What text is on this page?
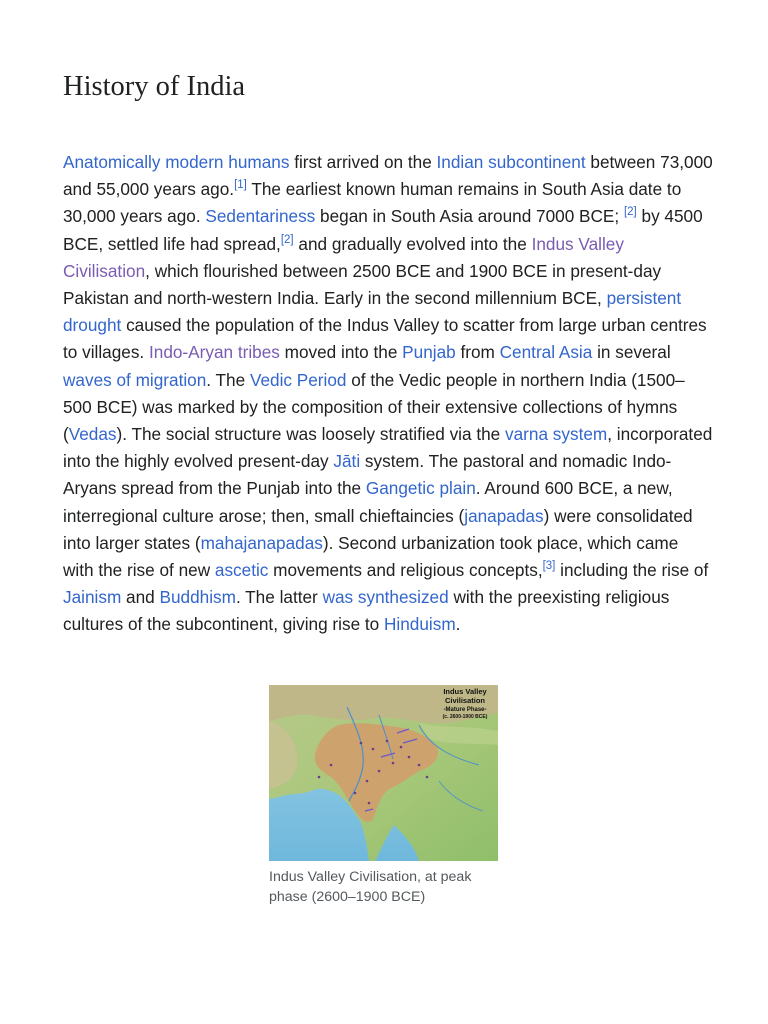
History of India
Anatomically modern humans first arrived on the Indian subcontinent between 73,000 and 55,000 years ago.[1] The earliest known human remains in South Asia date to 30,000 years ago. Sedentariness began in South Asia around 7000 BCE; [2] by 4500 BCE, settled life had spread,[2] and gradually evolved into the Indus Valley Civilisation, which flourished between 2500 BCE and 1900 BCE in present-day Pakistan and north-western India. Early in the second millennium BCE, persistent drought caused the population of the Indus Valley to scatter from large urban centres to villages. Indo-Aryan tribes moved into the Punjab from Central Asia in several waves of migration. The Vedic Period of the Vedic people in northern India (1500–500 BCE) was marked by the composition of their extensive collections of hymns (Vedas). The social structure was loosely stratified via the varna system, incorporated into the highly evolved present-day Jāti system. The pastoral and nomadic Indo-Aryans spread from the Punjab into the Gangetic plain. Around 600 BCE, a new, interregional culture arose; then, small chieftaincies (janapadas) were consolidated into larger states (mahajanapadas). Second urbanization took place, which came with the rise of new ascetic movements and religious concepts,[3] including the rise of Jainism and Buddhism. The latter was synthesized with the preexisting religious cultures of the subcontinent, giving rise to Hinduism.
Indus Valley
Civilisation
-Mature Phase-
(c. 2600-1900 BCE)
Indus Valley Civilisation, at peak phase (2600–1900 BCE)
